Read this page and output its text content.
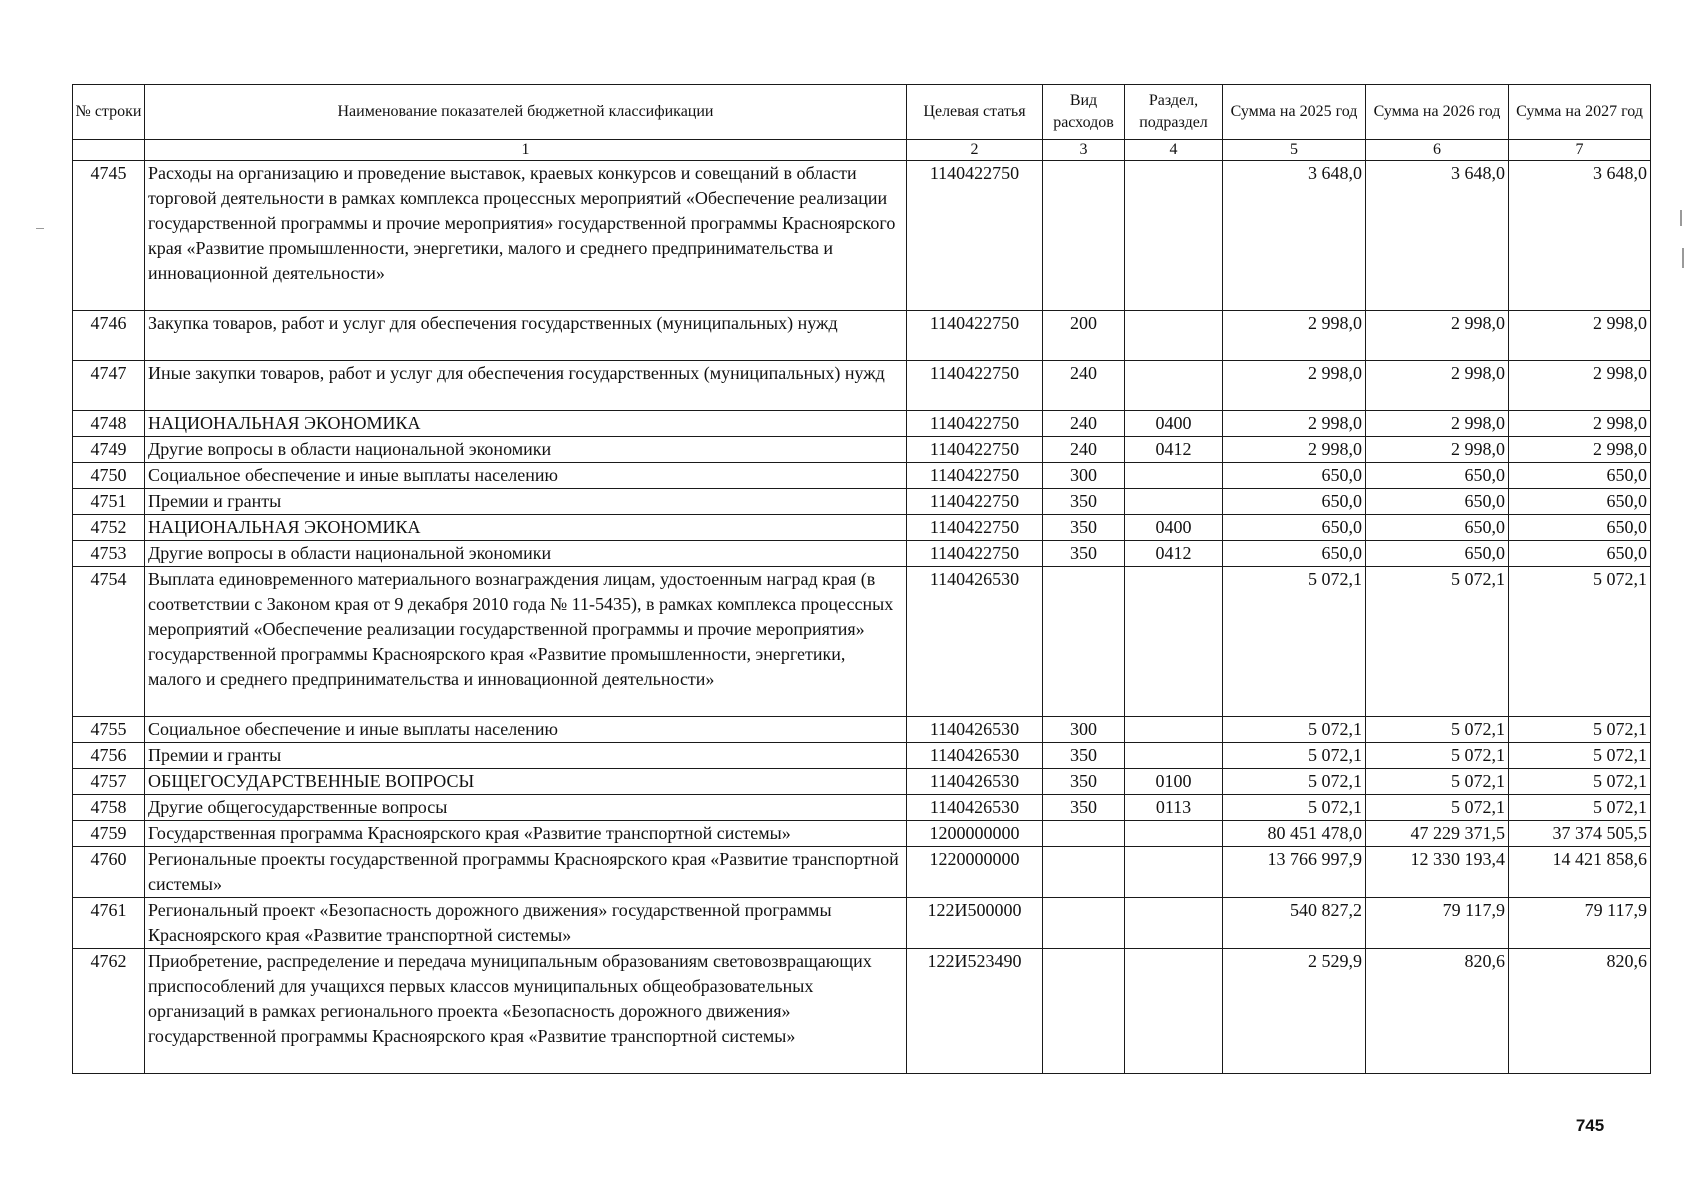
№ строки	Наименование показателей бюджетной классификации	Целевая статья	Вид расходов	Раздел, подраздел	Сумма на 2025 год	Сумма на 2026 год	Сумма на 2027 год
	1	2	3	4	5	6	7
4745	Расходы на организацию и проведение выставок, краевых конкурсов и совещаний в области торговой деятельности в рамках комплекса процессных мероприятий «Обеспечение реализации государственной программы и прочие мероприятия» государственной программы Красноярского края «Развитие промышленности, энергетики, малого и среднего предпринимательства и инновационной деятельности»	1140422750			3 648,0	3 648,0	3 648,0
4746	Закупка товаров, работ и услуг для обеспечения государственных (муниципальных) нужд	1140422750	200		2 998,0	2 998,0	2 998,0
4747	Иные закупки товаров, работ и услуг для обеспечения государственных (муниципальных) нужд	1140422750	240		2 998,0	2 998,0	2 998,0
4748	НАЦИОНАЛЬНАЯ ЭКОНОМИКА	1140422750	240	0400	2 998,0	2 998,0	2 998,0
4749	Другие вопросы в области национальной экономики	1140422750	240	0412	2 998,0	2 998,0	2 998,0
4750	Социальное обеспечение и иные выплаты населению	1140422750	300		650,0	650,0	650,0
4751	Премии и гранты	1140422750	350		650,0	650,0	650,0
4752	НАЦИОНАЛЬНАЯ ЭКОНОМИКА	1140422750	350	0400	650,0	650,0	650,0
4753	Другие вопросы в области национальной экономики	1140422750	350	0412	650,0	650,0	650,0
4754	Выплата единовременного материального вознаграждения лицам, удостоенным наград края (в соответствии с Законом края от 9 декабря 2010 года № 11-5435), в рамках комплекса процессных мероприятий «Обеспечение реализации государственной программы и прочие мероприятия» государственной программы Красноярского края «Развитие промышленности, энергетики, малого и среднего предпринимательства и инновационной деятельности»	1140426530			5 072,1	5 072,1	5 072,1
4755	Социальное обеспечение и иные выплаты населению	1140426530	300		5 072,1	5 072,1	5 072,1
4756	Премии и гранты	1140426530	350		5 072,1	5 072,1	5 072,1
4757	ОБЩЕГОСУДАРСТВЕННЫЕ ВОПРОСЫ	1140426530	350	0100	5 072,1	5 072,1	5 072,1
4758	Другие общегосударственные вопросы	1140426530	350	0113	5 072,1	5 072,1	5 072,1
4759	Государственная программа Красноярского края «Развитие транспортной системы»	1200000000			80 451 478,0	47 229 371,5	37 374 505,5
4760	Региональные проекты государственной программы Красноярского края «Развитие транспортной системы»	1220000000			13 766 997,9	12 330 193,4	14 421 858,6
4761	Региональный проект «Безопасность дорожного движения» государственной программы Красноярского края «Развитие транспортной системы»	122И500000			540 827,2	79 117,9	79 117,9
4762	Приобретение, распределение и передача муниципальным образованиям световозвращающих приспособлений для учащихся первых классов муниципальных общеобразовательных организаций в рамках регионального проекта «Безопасность дорожного движения» государственной программы Красноярского края «Развитие транспортной системы»	122И523490			2 529,9	820,6	820,6
745
